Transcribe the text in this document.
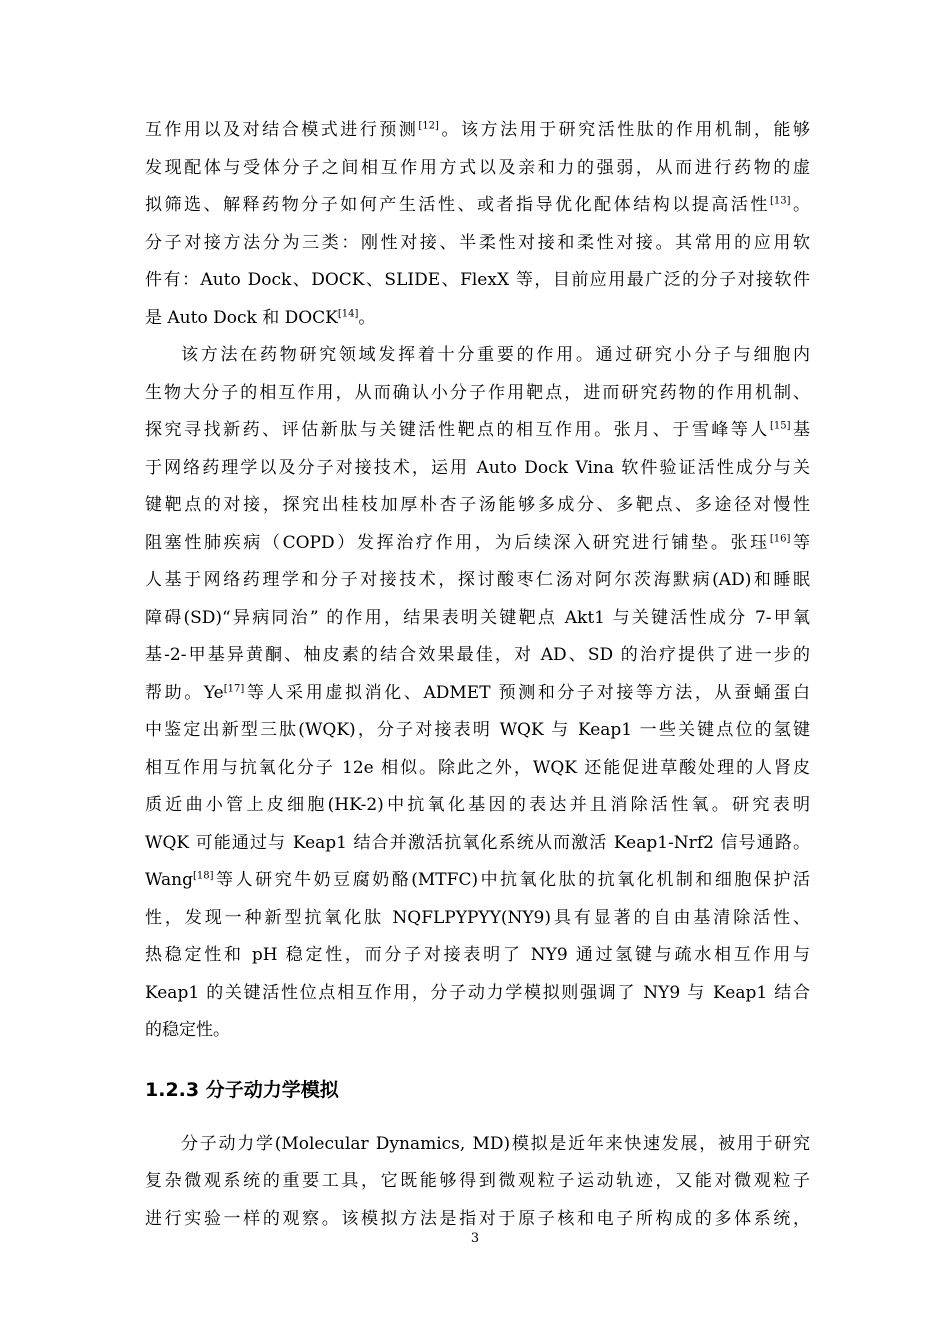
互作用以及对结合模式进行预测[12]。该方法用于研究活性肽的作用机制，能够
发现配体与受体分子之间相互作用方式以及亲和力的强弱，从而进行药物的虚
拟筛选、解释药物分子如何产生活性、或者指导优化配体结构以提高活性[13]。
分子对接方法分为三类：刚性对接、半柔性对接和柔性对接。其常用的应用软
件有：Auto Dock、DOCK、SLIDE、FlexX 等，目前应用最广泛的分子对接软件
是 Auto Dock 和 DOCK[14]。
该方法在药物研究领域发挥着十分重要的作用。通过研究小分子与细胞内
生物大分子的相互作用，从而确认小分子作用靶点，进而研究药物的作用机制、
探究寻找新药、评估新肽与关键活性靶点的相互作用。张月、于雪峰等人[15]基
于网络药理学以及分子对接技术，运用 Auto Dock Vina 软件验证活性成分与关
键靶点的对接，探究出桂枝加厚朴杏子汤能够多成分、多靶点、多途径对慢性
阻塞性肺疾病（COPD）发挥治疗作用，为后续深入研究进行铺垫。张珏[16]等
人基于网络药理学和分子对接技术，探讨酸枣仁汤对阿尔茨海默病(AD)和睡眠
障碍(SD)“异病同治” 的作用，结果表明关键靶点 Akt1 与关键活性成分 7-甲氧
基-2-甲基异黄酮、柚皮素的结合效果最佳，对 AD、SD 的治疗提供了进一步的
帮助。Ye[17]等人采用虚拟消化、ADMET 预测和分子对接等方法，从蚕蛹蛋白
中鉴定出新型三肽(WQK)，分子对接表明 WQK 与 Keap1 一些关键点位的氢键
相互作用与抗氧化分子 12e 相似。除此之外，WQK 还能促进草酸处理的人肾皮
质近曲小管上皮细胞(HK-2)中抗氧化基因的表达并且消除活性氧。研究表明
WQK 可能通过与 Keap1 结合并激活抗氧化系统从而激活 Keap1-Nrf2 信号通路。
Wang[18]等人研究牛奶豆腐奶酪(MTFC)中抗氧化肽的抗氧化机制和细胞保护活
性，发现一种新型抗氧化肽 NQFLPYPYY(NY9)具有显著的自由基清除活性、
热稳定性和 pH 稳定性，而分子对接表明了 NY9 通过氢键与疏水相互作用与
Keap1 的关键活性位点相互作用，分子动力学模拟则强调了 NY9 与 Keap1 结合
的稳定性。
1.2.3 分子动力学模拟
分子动力学(Molecular Dynamics, MD)模拟是近年来快速发展，被用于研究
复杂微观系统的重要工具，它既能够得到微观粒子运动轨迹，又能对微观粒子
进行实验一样的观察。该模拟方法是指对于原子核和电子所构成的多体系统，
3
